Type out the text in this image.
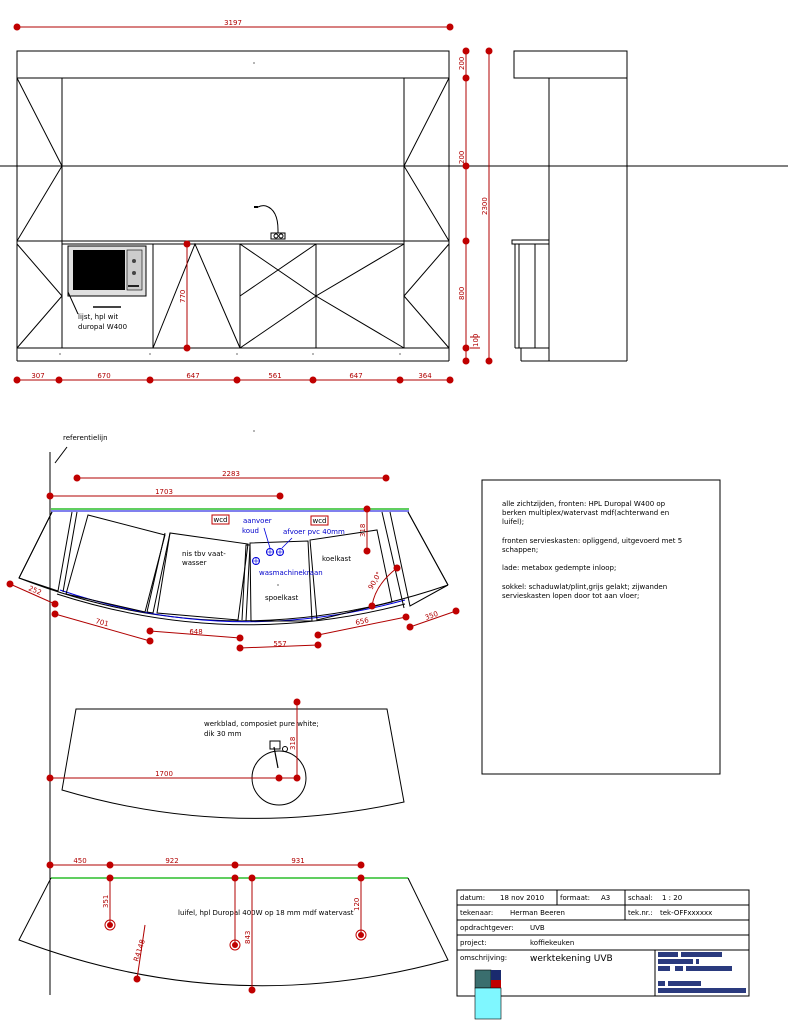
3197
770
lijst, hpl wit
duropal W400
200
200
800
100
2300
307	670	647	561	647	364
referentielijn
2283
1703
wcd	wcd
aanvoer
koud	afvoer pvc 40mm
wasmachinekraan
nis tbv vaat-
wasser	koelkast
spoelkast
318
90,0°
252
701
648
557
656	350
werkblad, composiet pure white;
dik 30 mm
318
1700
450	922	931
luifel, hpl Duropal 400W op 18 mm mdf watervast
351
843
120
R4148
alle zichtzijden, fronten: HPL Duropal W400 op
berken multiplex/watervast mdf(achterwand en
luifel);
fronten servieskasten: opliggend, uitgevoerd met 5
schappen;
lade: metabox gedempte inloop;
sokkel: schaduwlat/plint,grijs gelakt; zijwanden
servieskasten lopen door tot aan vloer;
datum: 18 nov 2010 formaat: A3	schaal: 1 : 20
tekenaar: Herman Beeren	tek.nr.: tek-OFFxxxxxx
opdrachtgever: UVB
project:	koffiekeuken
omschrijving:	werktekening UVB
